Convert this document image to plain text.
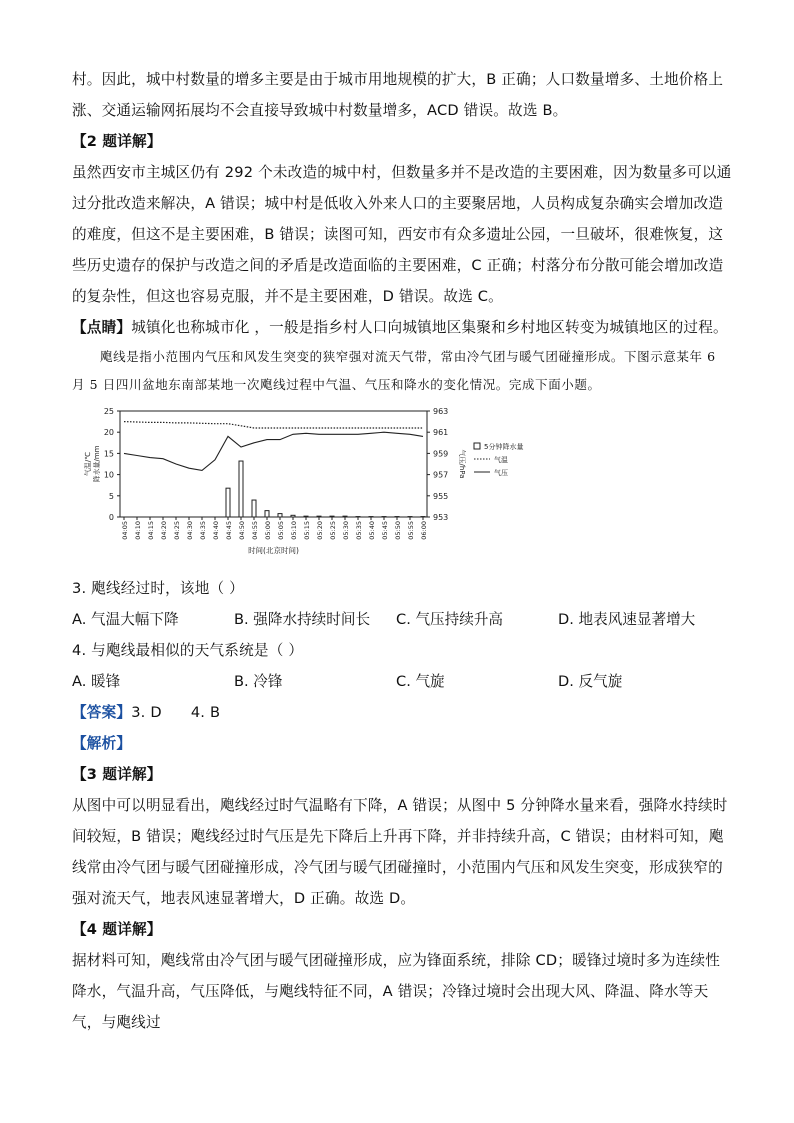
村。因此，城中村数量的增多主要是由于城市用地规模的扩大，B 正确；人口数量增多、土地价格上涨、交通运输网拓展均不会直接导致城中村数量增多，ACD 错误。故选 B。

【2 题详解】

虽然西安市主城区仍有 292 个未改造的城中村，但数量多并不是改造的主要困难，因为数量多可以通过分批改造来解决，A 错误；城中村是低收入外来人口的主要聚居地，人员构成复杂确实会增加改造的难度，但这不是主要困难，B 错误；读图可知，西安市有众多遗址公园，一旦破坏，很难恢复，这些历史遗存的保护与改造之间的矛盾是改造面临的主要困难，C 正确；村落分布分散可能会增加改造的复杂性，但这也容易克服，并不是主要困难，D 错误。故选 C。

【点睛】城镇化也称城市化 ，一般是指乡村人口向城镇地区集聚和乡村地区转变为城镇地区的过程。

飑线是指小范围内气压和风发生突变的狭窄强对流天气带，常由冷气团与暖气团碰撞形成。下图示意某年 6 月 5 日四川盆地东南部某地一次飑线过程中气温、气压和降水的变化情况。完成下面小题。

25
20
15
10
5
0
963
961
959
957
955
953
04:05 04:10 04:15 04:20 04:25 04:30 04:35 04:40 04:45 04:50 04:55 05:00 05:05 05:10 05:15 05:20 05:25 05:30 05:35 05:40 05:45 05:50 05:55 06:00
时间(北京时间)
气温/℃ 降水量/mm	气压/hPa
5分钟降水量
气温
气压

3. 飑线经过时，该地（ ）

A. 气温大幅下降	B. 强降水持续时间长	C. 气压持续升高	D. 地表风速显著增大

4. 与飑线最相似的天气系统是（ ）

A. 暖锋	B. 冷锋	C. 气旋	D. 反气旋

【答案】3. D      4. B

【解析】

【3 题详解】

从图中可以明显看出，飑线经过时气温略有下降，A 错误；从图中 5 分钟降水量来看，强降水持续时间较短，B 错误；飑线经过时气压是先下降后上升再下降，并非持续升高，C 错误；由材料可知，飑线常由冷气团与暖气团碰撞形成，冷气团与暖气团碰撞时，小范围内气压和风发生突变，形成狭窄的强对流天气，地表风速显著增大，D 正确。故选 D。

【4 题详解】

据材料可知，飑线常由冷气团与暖气团碰撞形成，应为锋面系统，排除 CD；暖锋过境时多为连续性降水，气温升高，气压降低，与飑线特征不同，A 错误；冷锋过境时会出现大风、降温、降水等天气，与飑线过
